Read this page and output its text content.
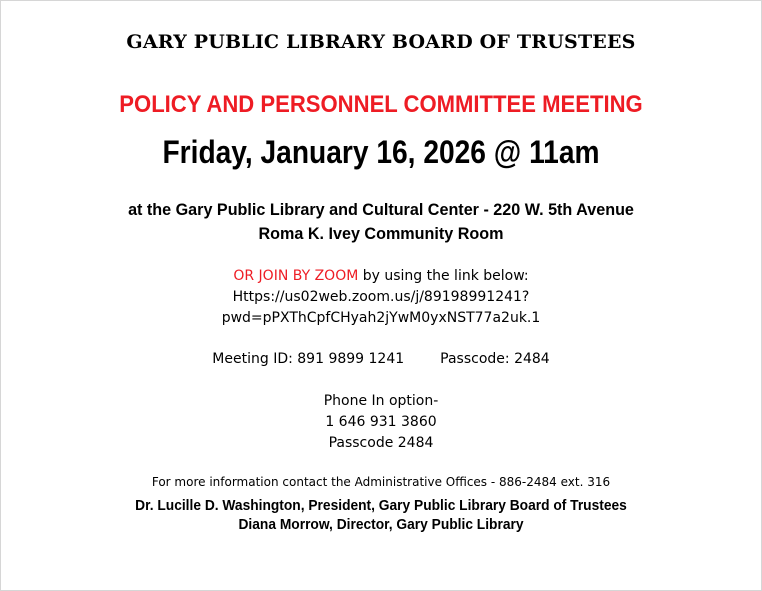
GARY PUBLIC LIBRARY BOARD OF TRUSTEES
POLICY AND PERSONNEL COMMITTEE MEETING
Friday, January 16, 2026 @ 11am
at the Gary Public Library and Cultural Center - 220 W. 5th Avenue
Roma K. Ivey Community Room
OR JOIN BY ZOOM by using the link below:
Https://us02web.zoom.us/j/89198991241?
pwd=pPXThCpfCHyah2jYwM0yxNST77a2uk.1
Meeting ID: 891 9899 1241	Passcode: 2484
Phone In option-
1 646 931 3860
Passcode 2484
For more information contact the Administrative Offices - 886-2484 ext. 316
Dr. Lucille D. Washington, President, Gary Public Library Board of Trustees
Diana Morrow, Director, Gary Public Library
